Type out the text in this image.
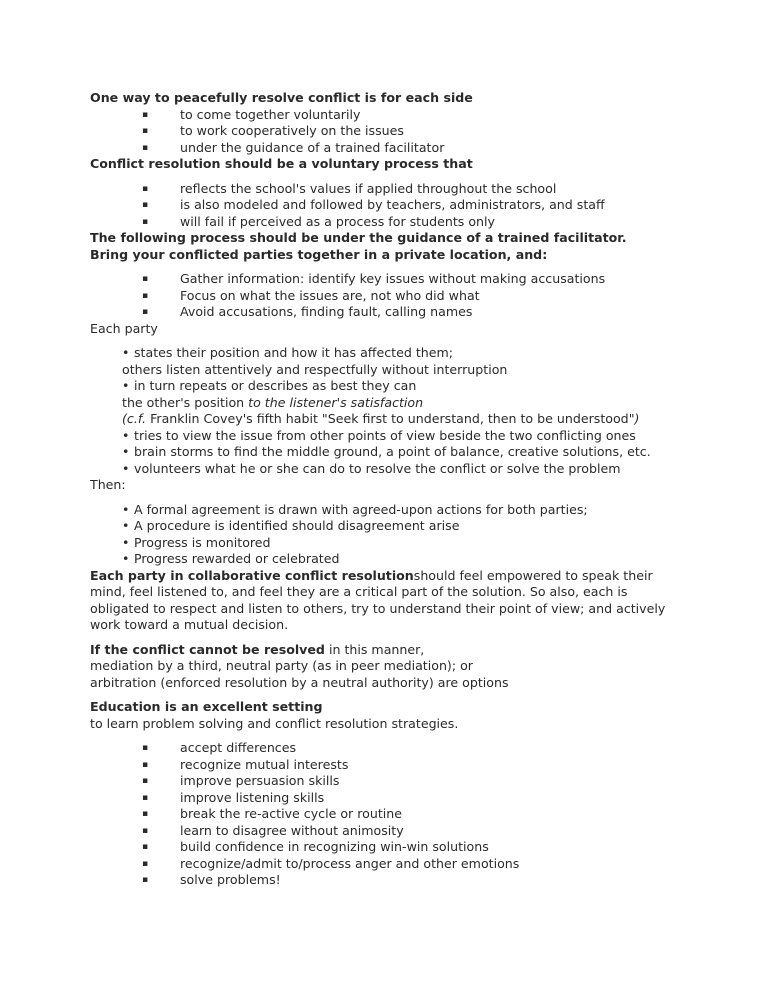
One way to peacefully resolve conflict is for each side
▪	to come together voluntarily
▪	to work cooperatively on the issues
▪	under the guidance of a trained facilitator
Conflict resolution should be a voluntary process that
▪	reflects the school's values if applied throughout the school
▪	is also modeled and followed by teachers, administrators, and staff
▪	will fail if perceived as a process for students only
The following process should be under the guidance of a trained facilitator.
Bring your conflicted parties together in a private location, and:
▪	Gather information: identify key issues without making accusations
▪	Focus on what the issues are, not who did what
▪	Avoid accusations, finding fault, calling names
Each party
• states their position and how it has affected them;
others listen attentively and respectfully without interruption
• in turn repeats or describes as best they can
the other's position to the listener's satisfaction
(c.f. Franklin Covey's fifth habit "Seek first to understand, then to be understood")
• tries to view the issue from other points of view beside the two conflicting ones
• brain storms to find the middle ground, a point of balance, creative solutions, etc.
• volunteers what he or she can do to resolve the conflict or solve the problem
Then:
• A formal agreement is drawn with agreed-upon actions for both parties;
• A procedure is identified should disagreement arise
• Progress is monitored
• Progress rewarded or celebrated
Each party in collaborative conflict resolutionshould feel empowered to speak their
mind, feel listened to, and feel they are a critical part of the solution. So also, each is
obligated to respect and listen to others, try to understand their point of view; and actively
work toward a mutual decision.
If the conflict cannot be resolved in this manner,
mediation by a third, neutral party (as in peer mediation); or
arbitration (enforced resolution by a neutral authority) are options
Education is an excellent setting
to learn problem solving and conflict resolution strategies.
▪	accept differences
▪	recognize mutual interests
▪	improve persuasion skills
▪	improve listening skills
▪	break the re-active cycle or routine
▪	learn to disagree without animosity
▪	build confidence in recognizing win-win solutions
▪	recognize/admit to/process anger and other emotions
▪	solve problems!
